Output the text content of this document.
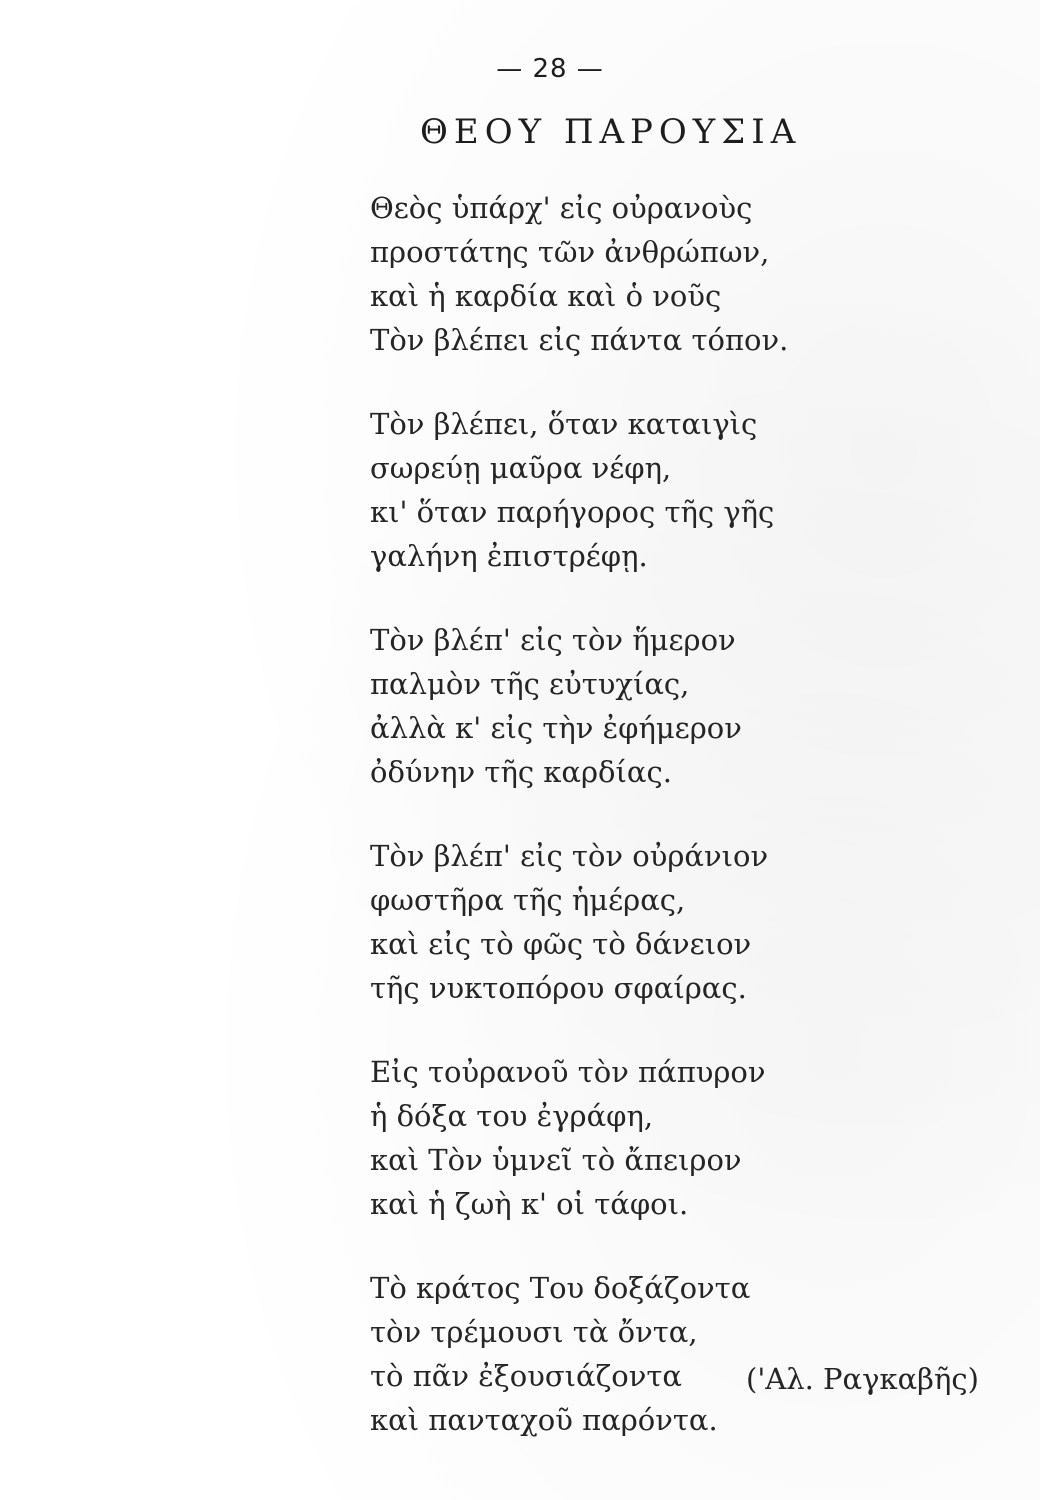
— 28 —
ΘΕΟΥ ΠΑΡΟΥΣΙΑ
Θεὸς ὑπάρχ' εἰς οὐρανοὺς
προστάτης τῶν ἀνθρώπων,
καὶ ἡ καρδία καὶ ὁ νοῦς
Τὸν βλέπει εἰς πάντα τόπον.
Τὸν βλέπει, ὅταν καταιγὶς
σωρεύῃ μαῦρα νέφη,
κι' ὅταν παρήγορος τῆς γῆς
γαλήνη ἐπιστρέφῃ.
Τὸν βλέπ' εἰς τὸν ἥμερον
παλμὸν τῆς εὐτυχίας,
ἀλλὰ κ' εἰς τὴν ἐφήμερον
ὀδύνην τῆς καρδίας.
Τὸν βλέπ' εἰς τὸν οὐράνιον
φωστῆρα τῆς ἡμέρας,
καὶ εἰς τὸ φῶς τὸ δάνειον
τῆς νυκτοπόρου σφαίρας.
Εἰς τοὐρανοῦ τὸν πάπυρον
ἡ δόξα του ἐγράφη,
καὶ Τὸν ὑμνεῖ τὸ ἄπειρον
καὶ ἡ ζωὴ κ' οἱ τάφοι.
Τὸ κράτος Του δοξάζοντα
τὸν τρέμουσι τὰ ὄντα,
τὸ πᾶν ἐξουσιάζοντα
καὶ πανταχοῦ παρόντα.
('Αλ. Ραγκαβῆς)
